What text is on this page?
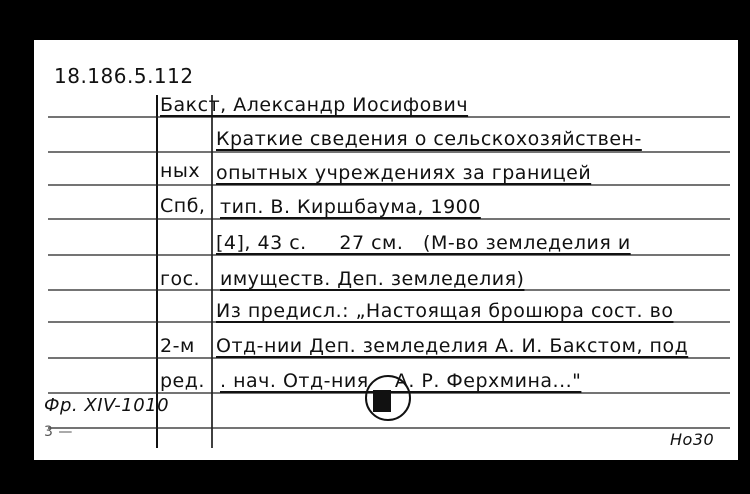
18.186.5.112
ных
Спб,
гос.
2-м
ред.
Бакст, Александр Иосифович
Краткие сведения о сельскохозяйствен-
опытных учреждениях за границей
тип. В. Киршбаума, 1900
[4], 43 с.     27 см.   (М-во земледелия и
имуществ. Деп. земледелия)
Из предисл.: „Настоящая брошюра сост. во
Отд-нии Деп. земледелия А. И. Бакстом, под
. нач. Отд-ния    А. Р. Ферхмина..."
Фр. XIV-1010
3 —	Ho30
